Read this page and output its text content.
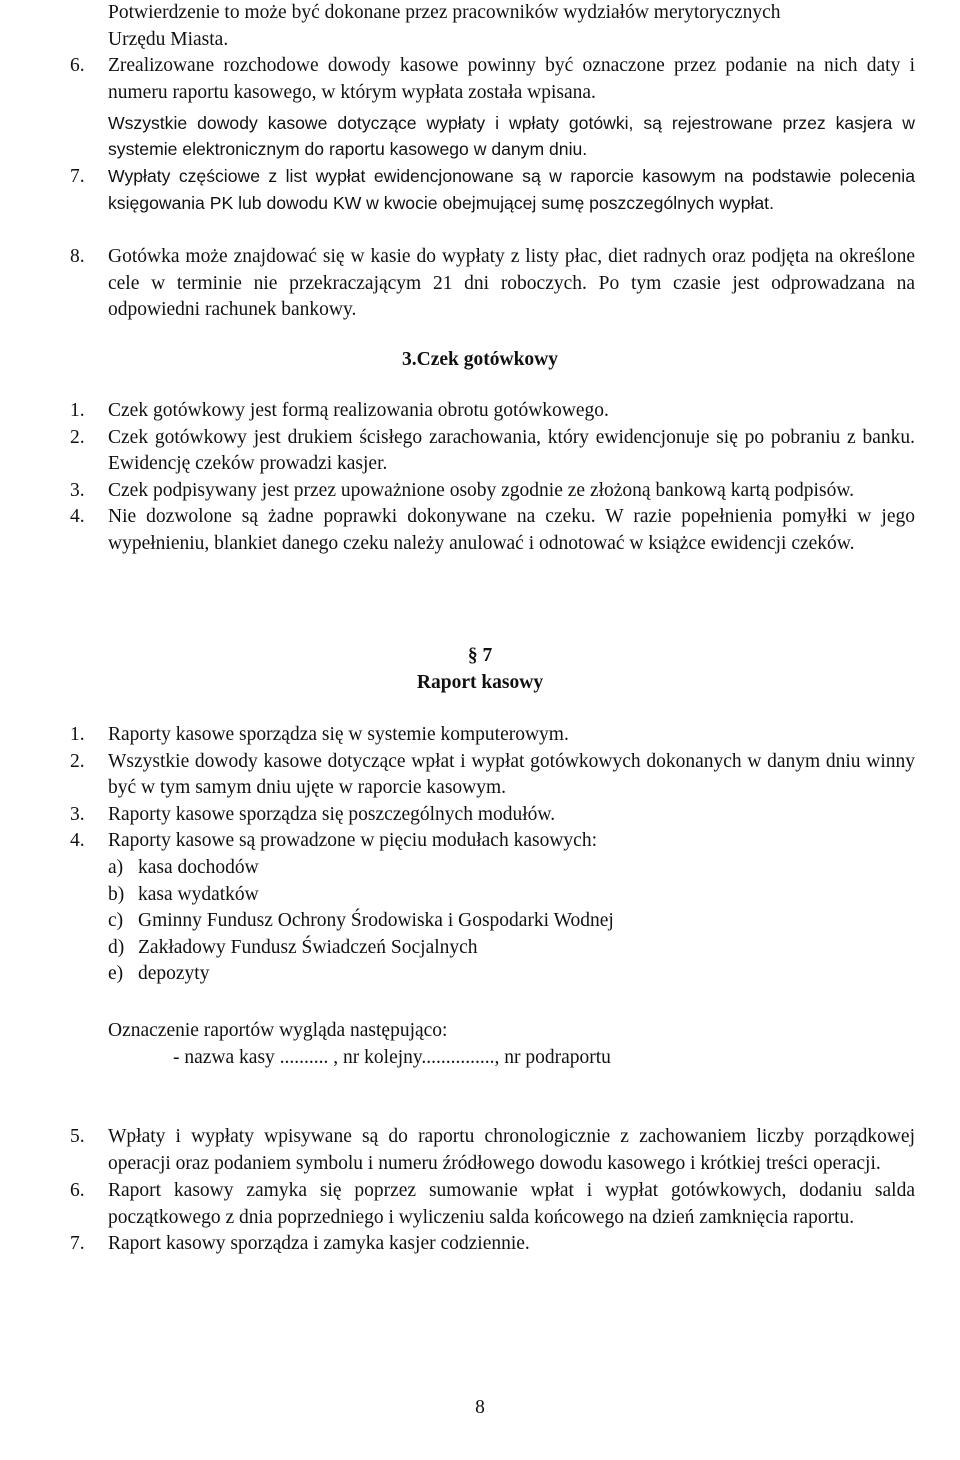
Potwierdzenie to może być dokonane przez pracowników wydziałów merytorycznych
Urzędu Miasta.
6.	Zrealizowane rozchodowe dowody kasowe powinny być oznaczone przez podanie na nich daty i numeru raportu kasowego, w którym wypłata została wpisana.
Wszystkie dowody kasowe dotyczące wypłaty i wpłaty gotówki, są rejestrowane przez kasjera w systemie elektronicznym do raportu kasowego w danym dniu.
7.	Wypłaty częściowe z list wypłat ewidencjonowane są w raporcie kasowym na podstawie polecenia księgowania PK lub dowodu KW w kwocie obejmującej sumę poszczególnych wypłat.
8.	Gotówka może znajdować się w kasie do wypłaty z listy płac, diet radnych oraz podjęta na określone cele w terminie nie przekraczającym 21 dni roboczych. Po tym czasie jest odprowadzana na odpowiedni rachunek bankowy.
3.Czek gotówkowy
1.	Czek gotówkowy jest formą realizowania obrotu gotówkowego.
2.	Czek gotówkowy jest drukiem ścisłego zarachowania, który ewidencjonuje się po pobraniu z banku. Ewidencję czeków prowadzi kasjer.
3.	Czek podpisywany jest przez upoważnione osoby zgodnie ze złożoną bankową kartą podpisów.
4.	Nie dozwolone są żadne poprawki dokonywane na czeku. W razie popełnienia pomyłki w jego wypełnieniu, blankiet danego czeku należy anulować i odnotować w książce ewidencji czeków.
§ 7
Raport kasowy
1.	Raporty kasowe sporządza się w systemie komputerowym.
2.	Wszystkie dowody kasowe dotyczące wpłat i wypłat gotówkowych dokonanych w danym dniu winny być w tym samym dniu ujęte w raporcie kasowym.
3.	Raporty kasowe sporządza się poszczególnych modułów.
4.	Raporty kasowe są prowadzone w pięciu modułach kasowych:
a) kasa dochodów
b) kasa wydatków
c) Gminny Fundusz Ochrony Środowiska i Gospodarki Wodnej
d) Zakładowy Fundusz Świadczeń Socjalnych
e) depozyty
Oznaczenie raportów wygląda następująco:
- nazwa kasy .......... , nr kolejny..............., nr podraportu
5.	Wpłaty i wypłaty wpisywane są do raportu chronologicznie z zachowaniem liczby porządkowej operacji oraz podaniem symbolu i numeru źródłowego dowodu kasowego i krótkiej treści operacji.
6.	Raport kasowy zamyka się poprzez sumowanie wpłat i wypłat gotówkowych, dodaniu salda początkowego z dnia poprzedniego i wyliczeniu salda końcowego na dzień zamknięcia raportu.
7.	Raport kasowy sporządza i zamyka kasjer codziennie.
8
